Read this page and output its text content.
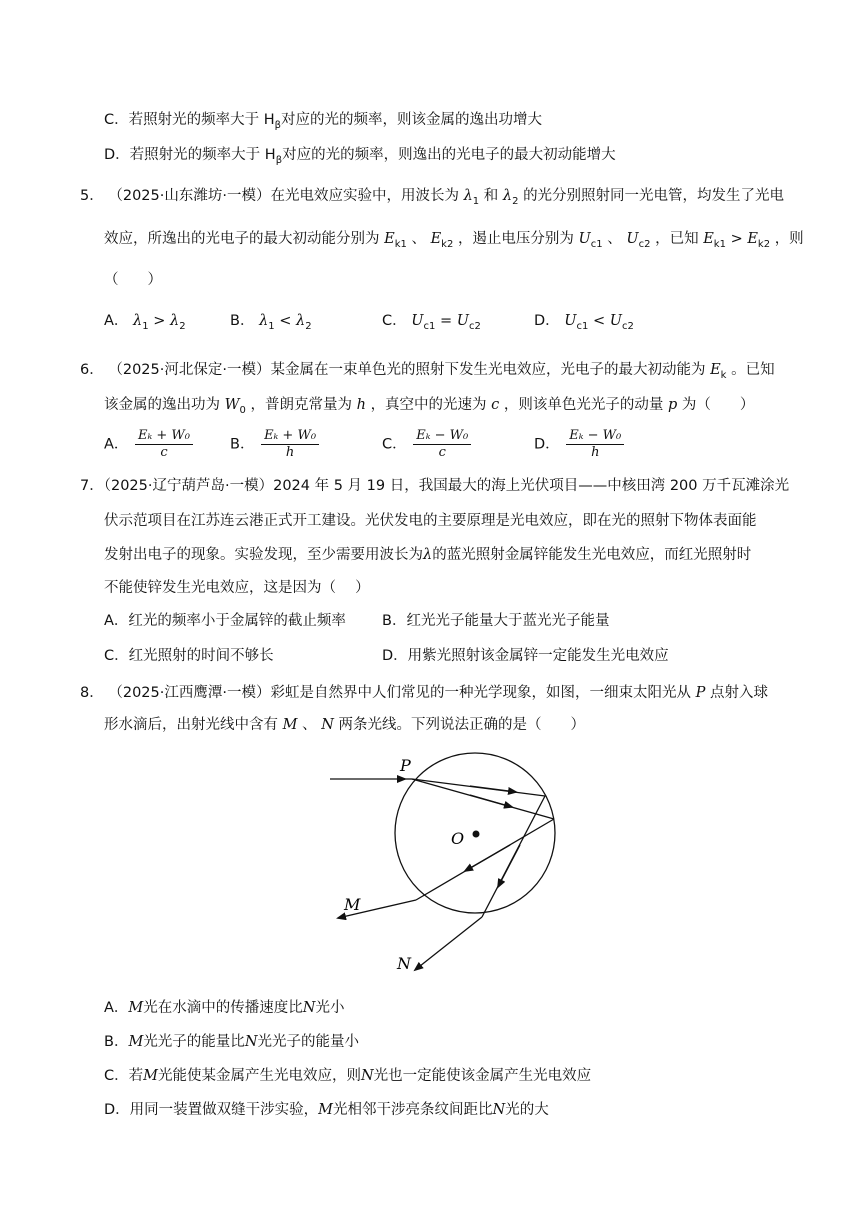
C．若照射光的频率大于 $H_\beta$对应的光的频率，则该金属的逸出功增大
D．若照射光的频率大于 $H_\beta$对应的光的频率，则逸出的光电子的最大初动能增大
5． （2025·山东潍坊·一模）在光电效应实验中，用波长为 $\lambda_1$ 和 $\lambda_2$ 的光分别照射同一光电管，均发生了光电
效应，所逸出的光电子的最大初动能分别为 $E_{k1}$ 、 $E_{k2}$ ，遏止电压分别为 $U_{c1}$ 、 $U_{c2}$ ，已知 $E_{k1} > E_{k2}$ ，则
（　　）
A． $\lambda_1 > \lambda_2$	B． $\lambda_1 < \lambda_2$	C． $U_{c1} = U_{c2}$	D． $U_{c1} < U_{c2}$
6． （2025·河北保定·一模）某金属在一束单色光的照射下发生光电效应，光电子的最大初动能为 $E_k$ 。已知
该金属的逸出功为 $W_0$ ，普朗克常量为 h ，真空中的光速为 c ，则该单色光光子的动量 p 为（　　）
A． $\frac{\text{Eₖ + W₀}}{c}$	B． $\frac{\text{Eₖ + W₀}}{h}$	C． $\frac{\text{Eₖ − W₀}}{c}$	D． $\frac{\text{Eₖ − W₀}}{h}$
7．（2025·辽宁葫芦岛·一模）2024 年 5 月 19 日，我国最大的海上光伏项目——中核田湾 200 万千瓦滩涂光
伏示范项目在江苏连云港正式开工建设。光伏发电的主要原理是光电效应，即在光的照射下物体表面能
发射出电子的现象。实验发现，至少需要用波长为λ的蓝光照射金属锌能发生光电效应，而红光照射时
不能使锌发生光电效应，这是因为（　 ）
A．红光的频率小于金属锌的截止频率 B．红光光子能量大于蓝光光子能量
C．红光照射的时间不够长	D．用紫光照射该金属锌一定能发生光电效应
8． （2025·江西鹰潭·一模）彩虹是自然界中人们常见的一种光学现象，如图，一细束太阳光从 P 点射入球
形水滴后，出射光线中含有 M 、 N 两条光线。下列说法正确的是（　　）
P
O
M
N
A．M光在水滴中的传播速度比N光小
B．M光光子的能量比N光光子的能量小
C．若M光能使某金属产生光电效应，则N光也一定能使该金属产生光电效应
D．用同一装置做双缝干涉实验，M光相邻干涉亮条纹间距比N光的大
